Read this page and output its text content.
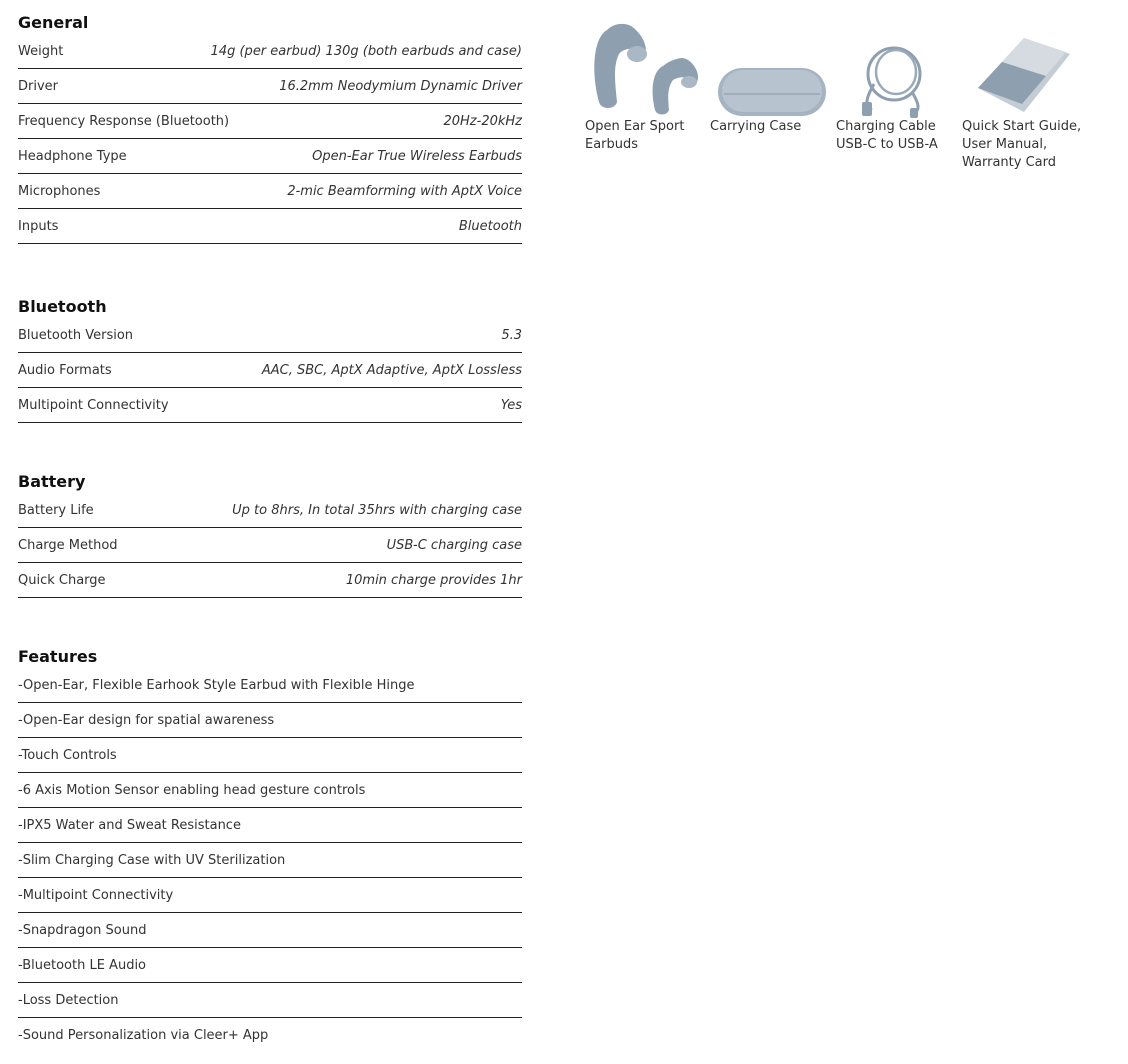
General
Weight	14g (per earbud) 130g (both earbuds and case)
Driver	16.2mm Neodymium Dynamic Driver
Frequency Response (Bluetooth)	20Hz-20kHz
Headphone Type	Open-Ear True Wireless Earbuds
Microphones	2-mic Beamforming with AptX Voice
Inputs	Bluetooth
Bluetooth
Bluetooth Version	5.3
Audio Formats	AAC, SBC, AptX Adaptive, AptX Lossless
Multipoint Connectivity	Yes
Battery
Battery Life	Up to 8hrs, In total 35hrs with charging case
Charge Method	USB-C charging case
Quick Charge	10min charge provides 1hr
Features
-Open-Ear, Flexible Earhook Style Earbud with Flexible Hinge
-Open-Ear design for spatial awareness
-Touch Controls
-6 Axis Motion Sensor enabling head gesture controls
-IPX5 Water and Sweat Resistance
-Slim Charging Case with UV Sterilization
-Multipoint Connectivity
-Snapdragon Sound
-Bluetooth LE Audio
-Loss Detection
-Sound Personalization via Cleer+ App
Open Ear Sport
Earbuds
Carrying Case	Charging Cable
USB-C to USB-A
Quick Start Guide,
User Manual,
Warranty Card
